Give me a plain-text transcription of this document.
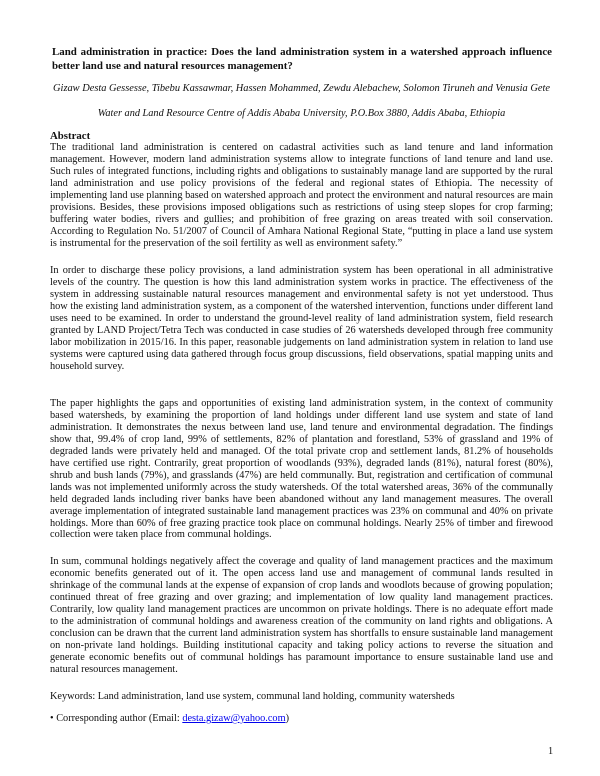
Land administration in practice: Does the land administration system in a watershed approach influence better land use and natural resources management?

Gizaw Desta Gessesse, Tibebu Kassawmar, Hassen Mohammed, Zewdu Alebachew, Solomon Tiruneh and Venusia Gete

Water and Land Resource Centre of Addis Ababa University, P.O.Box 3880, Addis Ababa, Ethiopia

Abstract

The traditional land administration is centered on cadastral activities such as land tenure and land information management. However, modern land administration systems allow to integrate functions of land tenure and land use. Such rules of integrated functions, including rights and obligations to sustainably manage land are supported by the rural land administration and use policy provisions of the federal and regional states of Ethiopia. The necessity of implementing land use planning based on watershed approach and protect the environment and natural resources are main provisions. Besides, these provisions imposed obligations such as restrictions of using steep slopes for crop farming; buffering water bodies, rivers and gullies; and prohibition of free grazing on areas treated with soil conservation. According to Regulation No. 51/2007 of Council of Amhara National Regional State, “putting in place a land use system is instrumental for the preservation of the soil fertility as well as environment safety.”

In order to discharge these policy provisions, a land administration system has been operational in all administrative levels of the country. The question is how this land administration system works in practice. The effectiveness of the system in addressing sustainable natural resources management and environmental safety is not yet understood. Thus how the existing land administration system, as a component of the watershed intervention, functions under different land uses need to be examined. In order to understand the ground-level reality of land administration system, field research granted by LAND Project/Tetra Tech was conducted in case studies of 26 watersheds developed through free community labor mobilization in 2015/16. In this paper, reasonable judgements on land administration system in relation to land use systems were captured using data gathered through focus group discussions, field observations, spatial mapping units and household survey.

The paper highlights the gaps and opportunities of existing land administration system, in the context of community based watersheds, by examining the proportion of land holdings under different land use system and state of land administration. It demonstrates the nexus between land use, land tenure and environmental degradation. The findings show that, 99.4% of crop land, 99% of settlements, 82% of plantation and forestland, 53% of grassland and 19% of degraded lands were privately held and managed. Of the total private crop and settlement lands, 81.2% of households have certified use right. Contrarily, great proportion of woodlands (93%), degraded lands (81%), natural forest (80%), shrub and bush lands (79%), and grasslands (47%) are held communally. But, registration and certification of communal lands was not implemented uniformly across the study watersheds. Of the total watershed areas, 36% of the communally held degraded lands including river banks have been abandoned without any land management measures. The overall average implementation of integrated sustainable land management practices was 23% on communal and 40% on private holdings. More than 60% of free grazing practice took place on communal holdings. Nearly 25% of timber and firewood collection were taken place from communal holdings.

In sum, communal holdings negatively affect the coverage and quality of land management practices and the maximum economic benefits generated out of it. The open access land use and management of communal lands resulted in shrinkage of the communal lands at the expense of expansion of crop lands and woodlots because of growing population; continued threat of free grazing and over grazing; and implementation of low quality land management practices. Contrarily, low quality land management practices are uncommon on private holdings. There is no adequate effort made to the administration of communal holdings and awareness creation of the community on land rights and obligations. A conclusion can be drawn that the current land administration system has shortfalls to ensure sustainable land management on non-private land holdings. Building institutional capacity and taking policy actions to reverse the situation and generate economic benefits out of communal holdings has paramount importance to ensure sustainable land use and natural resources management.

Keywords: Land administration, land use system, communal land holding, community watersheds

• Corresponding author (Email: desta.gizaw@yahoo.com)

1
